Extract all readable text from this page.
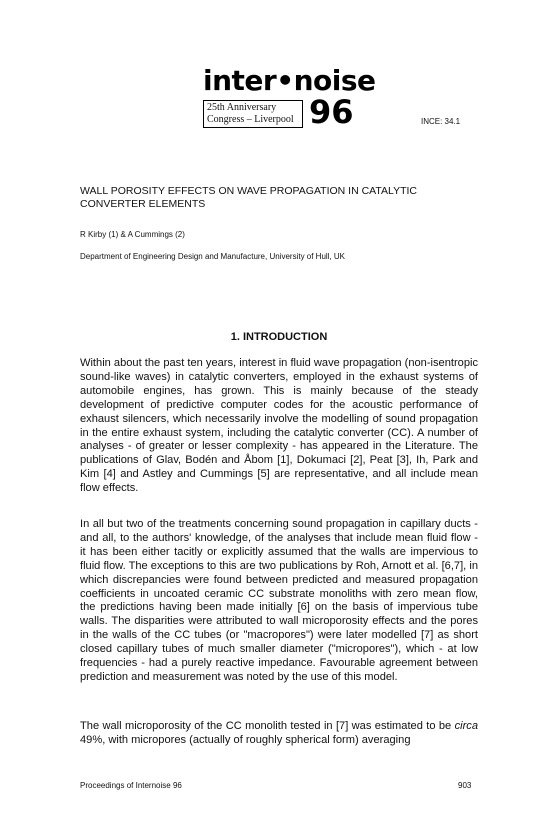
inter•noise
25th Anniversary
Congress – Liverpool 96	INCE: 34.1
WALL POROSITY EFFECTS ON WAVE PROPAGATION IN CATALYTIC CONVERTER ELEMENTS
R Kirby (1) & A Cummings (2)
Department of Engineering Design and Manufacture, University of Hull, UK
1. INTRODUCTION
Within about the past ten years, interest in fluid wave propagation (non-isentropic sound-like waves) in catalytic converters, employed in the exhaust systems of automobile engines, has grown. This is mainly because of the steady development of predictive computer codes for the acoustic performance of exhaust silencers, which necessarily involve the modelling of sound propagation in the entire exhaust system, including the catalytic converter (CC). A number of analyses - of greater or lesser complexity - has appeared in the Literature. The publications of Glav, Bodén and Åbom [1], Dokumaci [2], Peat [3], Ih, Park and Kim [4] and Astley and Cummings [5] are representative, and all include mean flow effects.
In all but two of the treatments concerning sound propagation in capillary ducts - and all, to the authors' knowledge, of the analyses that include mean fluid flow - it has been either tacitly or explicitly assumed that the walls are impervious to fluid flow. The exceptions to this are two publications by Roh, Arnott et al. [6,7], in which discrepancies were found between predicted and measured propagation coefficients in uncoated ceramic CC substrate monoliths with zero mean flow, the predictions having been made initially [6] on the basis of impervious tube walls. The disparities were attributed to wall microporosity effects and the pores in the walls of the CC tubes (or "macropores") were later modelled [7] as short closed capillary tubes of much smaller diameter ("micropores"), which - at low frequencies - had a purely reactive impedance. Favourable agreement between prediction and measurement was noted by the use of this model.
The wall microporosity of the CC monolith tested in [7] was estimated to be circa 49%, with micropores (actually of roughly spherical form) averaging
Proceedings of Internoise 96	903
